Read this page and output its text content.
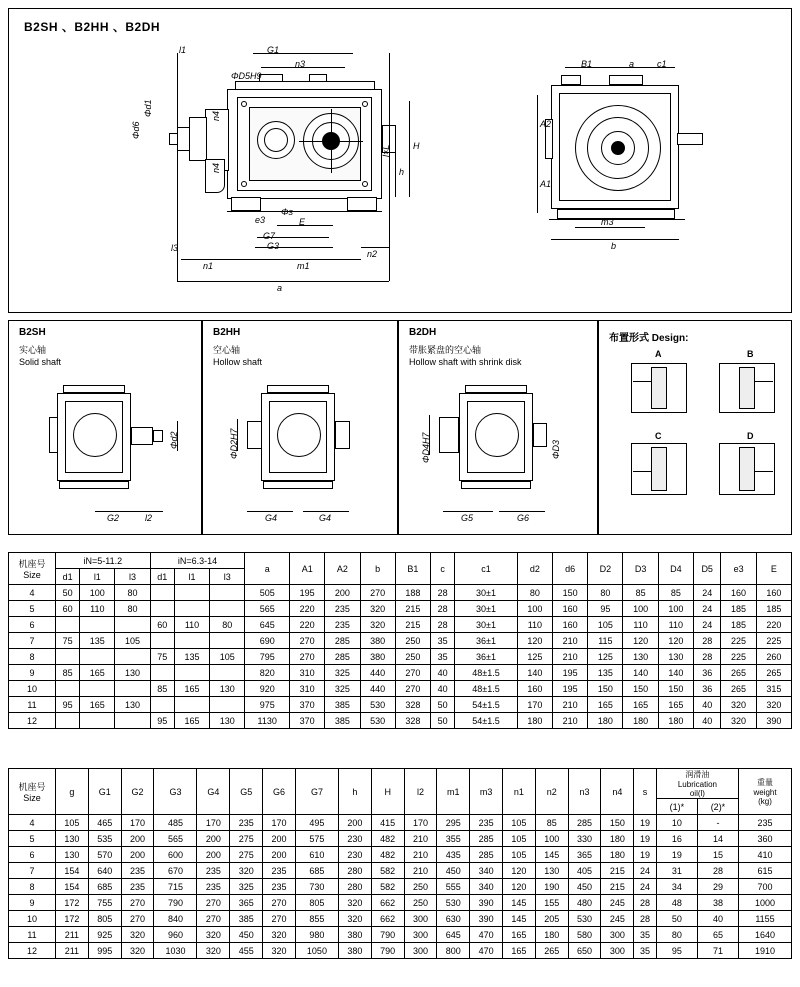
B2SH 、B2HH 、B2DH
G1
n3
ΦD5H9
l1
Φd1
Φd6
n4
n4
l×L H
h
Φs
e3	E
G7
G3
l3
n1	m1
n2
a
B1	a	c1
A2
A1
m3
b
B2SH
实心轴
Solid shaft
Φd2
G2	l2
B2HH
空心轴
Hollow shaft
ΦD2H7
G4	G4
B2DH
带胀紧盘的空心轴
Hollow shaft with shrink disk
ΦD4H7	ΦD3
G5	G6
布置形式 Design:
A	B
C	D
机座号
Size	iN=5-11.2			iN=6.3-14			a	A1	A2	b	B1	c	c1	d2	d6	D2	D3	D4	D5	e3	E
	d1	l1	l3	d1	l1	l3															
4	50	100	80				505	195	200	270	188	28	30±1	80	150	80	85	85	24	160	160
5	60	110	80				565	220	235	320	215	28	30±1	100	160	95	100	100	24	185	185
6				60	110	80	645	220	235	320	215	28	30±1	110	160	105	110	110	24	185	220
7	75	135	105				690	270	285	380	250	35	36±1	120	210	115	120	120	28	225	225
8				75	135	105	795	270	285	380	250	35	36±1	125	210	125	130	130	28	225	260
9	85	165	130				820	310	325	440	270	40	48±1.5	140	195	135	140	140	36	265	265
10				85	165	130	920	310	325	440	270	40	48±1.5	160	195	150	150	150	36	265	315
11	95	165	130				975	370	385	530	328	50	54±1.5	170	210	165	165	165	40	320	320
12				95	165	130	1130	370	385	530	328	50	54±1.5	180	210	180	180	180	40	320	390
机座号
Size
	g	G1	G2	G3	G4	G5	G6	G7	h	H	l2	m1	m3	n1	n2	n3	n4	s	
润滑油
Lubrication
oil(l)

重量
weight
(kg)

																			(1)*	(2)*	
4	105	465	170	485	170	235	170	495	200	415	170	295	235	105	85	285	150	19	10	-	235
5	130	535	200	565	200	275	200	575	230	482	210	355	285	105	100	330	180	19	16	14	360
6	130	570	200	600	200	275	200	610	230	482	210	435	285	105	145	365	180	19	19	15	410
7	154	640	235	670	235	320	235	685	280	582	210	450	340	120	130	405	215	24	31	28	615
8	154	685	235	715	235	325	235	730	280	582	250	555	340	120	190	450	215	24	34	29	700
9	172	755	270	790	270	365	270	805	320	662	250	530	390	145	155	480	245	28	48	38	1000
10	172	805	270	840	270	385	270	855	320	662	300	630	390	145	205	530	245	28	50	40	1155
11	211	925	320	960	320	450	320	980	380	790	300	645	470	165	180	580	300	35	80	65	1640
12	211	995	320	1030	320	455	320	1050	380	790	300	800	470	165	265	650	300	35	95	71	1910
